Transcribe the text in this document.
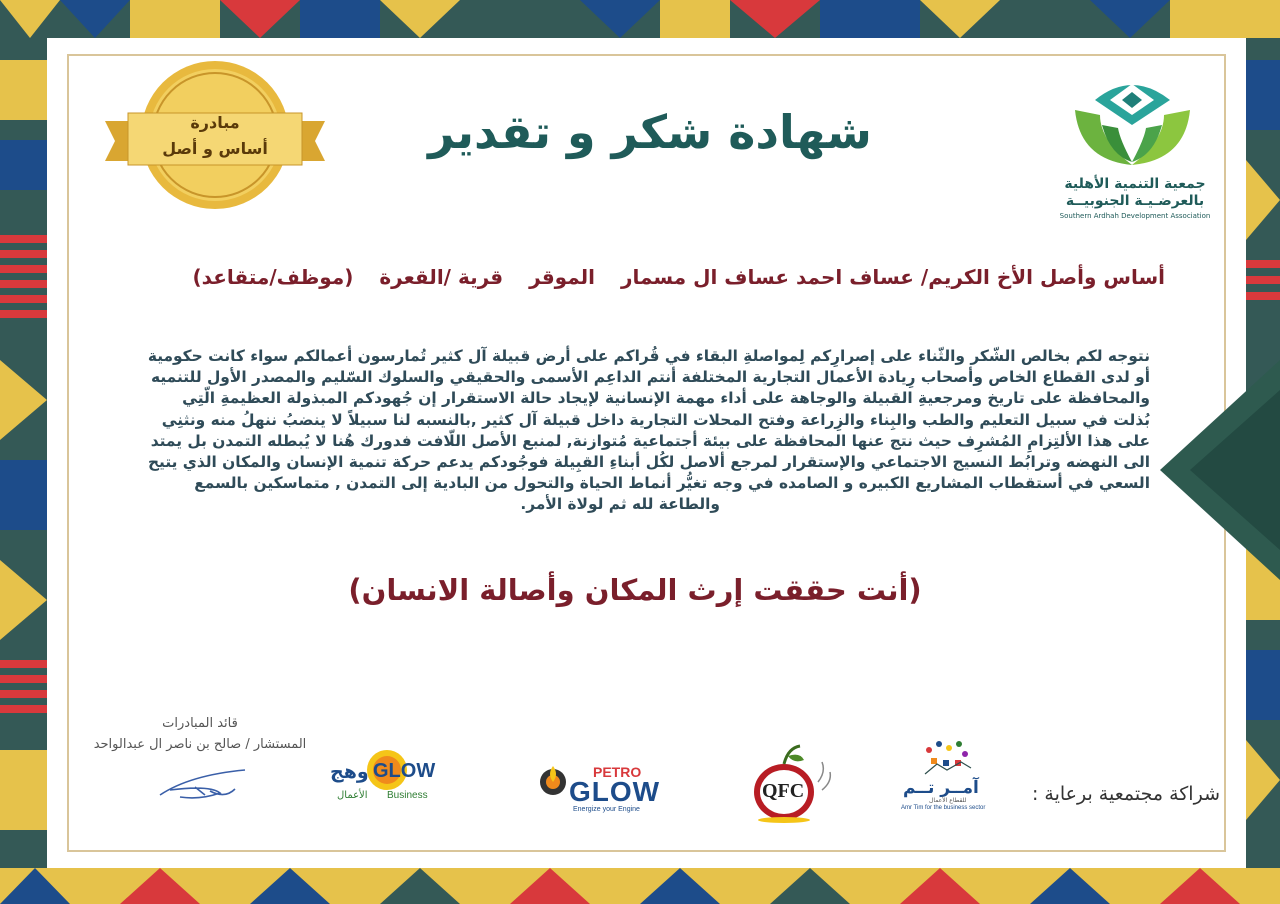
مبادرة
أساس و أصل	شهادة شكر و تقدير
جمعية التنمية الأهلية
بالعرضـيـة الجنوبيــة
Southern Ardhah Development Association
أساس وأصل الأخ الكريم/ عساف احمد عساف ال مسمارالموقرقرية /القعرة(موظف/متقاعد)
نتوجه لكم بخالص الشّكر والثّناء على إصرارِكم لِمواصلةِ البقاء في قُراكم على أرض قبيلة آل كثير تُمارسون أعمالكم سواء كانت حكومية
أو لدى القطاع الخاص وأصحاب رِيادة الأعمال التجارية المختلفة أنتم الداعِم الأسمى والحقيقي والسلوك السّليم والمصدر الأول للتنميه
والمحافظة على تاريخ ومرجعيةِ القبيلة والوجاهة على أداء مهمة الإنسانية لإيجاد حالة الاستقرار إن جُهودكم المبذولة العظيمةِ الّتِي
بُذلت في سبيل التعليم والطب والبِناء والزِراعة وفتح المحلات التجارية داخل قبيلة آل كثير ,بالنسبه لنا سبيلاً لا ينضبُ ننهلُ منه ونثنِي
على هذا الألتِزامِ المُشرِف حيث نتج عنها المحافظة على بيئة أجتماعية مُتوازنة, لمنبع الأصل اللّافت فدورك هُنا لا يُبطله التمدن بل يمتد
الى النهضه وترابُط النسيج الاجتماعي والإستقرار لمرجع ألاصل لكُل أبناءِ القبِيلة فوجُودكم يدعم حركة تنمية الإنسان والمكان الذي يتيح
السعي في أستقطاب المشاريع الكبيره و الصامده في وجه تغيُّر أنماط الحياة والتحول من البادية إلى التمدن , متماسكين بالسمع
والطاعة لله ثم لولاة الأمر.
(أنت حققت إرث المكان وأصالة الانسان)
قائد المبادرات
المستشار / صالح بن ناصر ال عبدالواحد
وهج GLOW
الأعمال Business
PETRO
GLOW
Energize your Engine
QFC	آمــر تــم
للقطاع الأعمال
Amr Tim for the business sector
شراكة مجتمعية برعاية :
